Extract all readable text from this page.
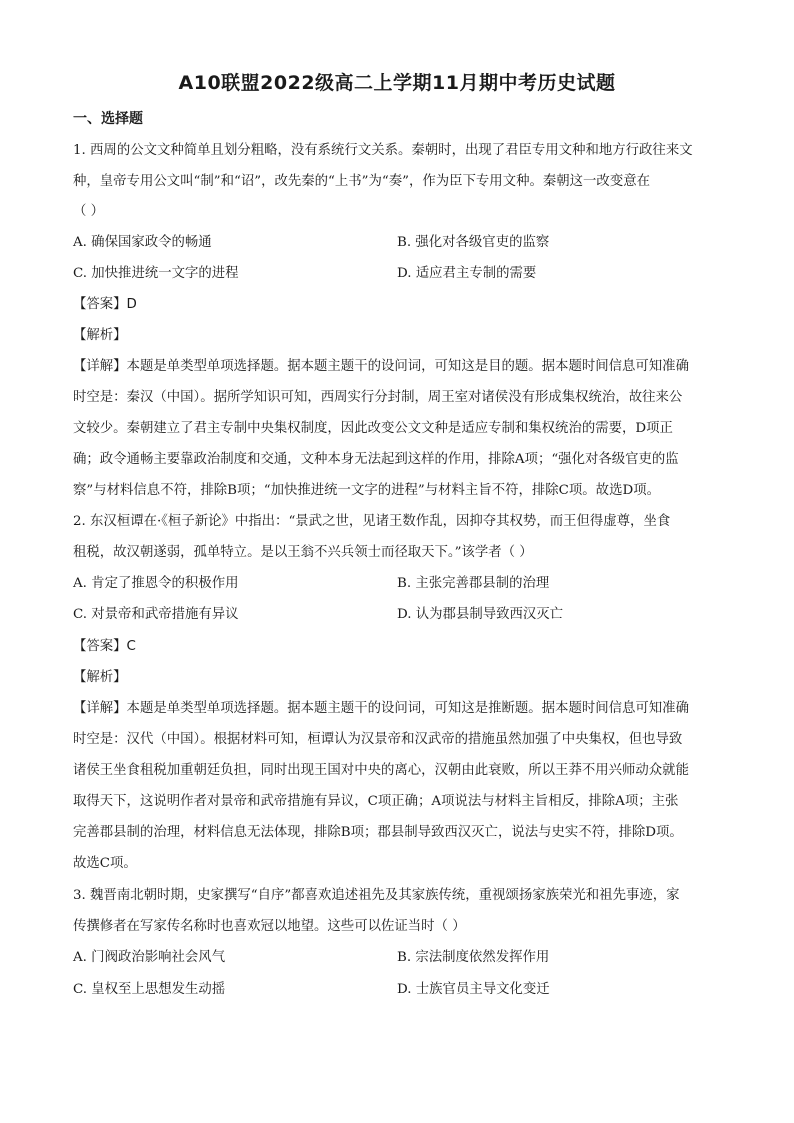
A10联盟2022级高二上学期11月期中考历史试题
一、选择题
1. 西周的公文文种简单且划分粗略，没有系统行文关系。秦朝时，出现了君臣专用文种和地方行政往来文
种，皇帝专用公文叫“制”和“诏”，改先秦的“上书”为“奏”，作为臣下专用文种。秦朝这一改变意在
（ ）
A. 确保国家政令的畅通	B. 强化对各级官吏的监察
C. 加快推进统一文字的进程	D. 适应君主专制的需要
【答案】D
【解析】
【详解】本题是单类型单项选择题。据本题主题干的设问词，可知这是目的题。据本题时间信息可知准确
时空是：秦汉（中国）。据所学知识可知，西周实行分封制，周王室对诸侯没有形成集权统治，故往来公
文较少。秦朝建立了君主专制中央集权制度，因此改变公文文种是适应专制和集权统治的需要，D项正
确；政令通畅主要靠政治制度和交通，文种本身无法起到这样的作用，排除A项；“强化对各级官吏的监
察”与材料信息不符，排除B项；“加快推进统一文字的进程”与材料主旨不符，排除C项。故选D项。
2. 东汉桓谭在·《桓子新论》中指出：“景武之世，见诸王数作乱，因抑夺其权势，而王但得虚尊，坐食
租税，故汉朝遂弱，孤单特立。是以王翁不兴兵领士而径取天下。”该学者（ ）
A. 肯定了推恩令的积极作用	B. 主张完善郡县制的治理
C. 对景帝和武帝措施有异议	D. 认为郡县制导致西汉灭亡
【答案】C
【解析】
【详解】本题是单类型单项选择题。据本题主题干的设问词，可知这是推断题。据本题时间信息可知准确
时空是：汉代（中国）。根据材料可知，桓谭认为汉景帝和汉武帝的措施虽然加强了中央集权，但也导致
诸侯王坐食租税加重朝廷负担，同时出现王国对中央的离心，汉朝由此衰败，所以王莽不用兴师动众就能
取得天下，这说明作者对景帝和武帝措施有异议，C项正确；A项说法与材料主旨相反，排除A项；主张
完善郡县制的治理，材料信息无法体现，排除B项；郡县制导致西汉灭亡，说法与史实不符，排除D项。
故选C项。
3. 魏晋南北朝时期，史家撰写“自序”都喜欢追述祖先及其家族传统，重视颂扬家族荣光和祖先事迹，家
传撰修者在写家传名称时也喜欢冠以地望。这些可以佐证当时（ ）
A. 门阀政治影响社会风气	B. 宗法制度依然发挥作用
C. 皇权至上思想发生动摇	D. 士族官员主导文化变迁
